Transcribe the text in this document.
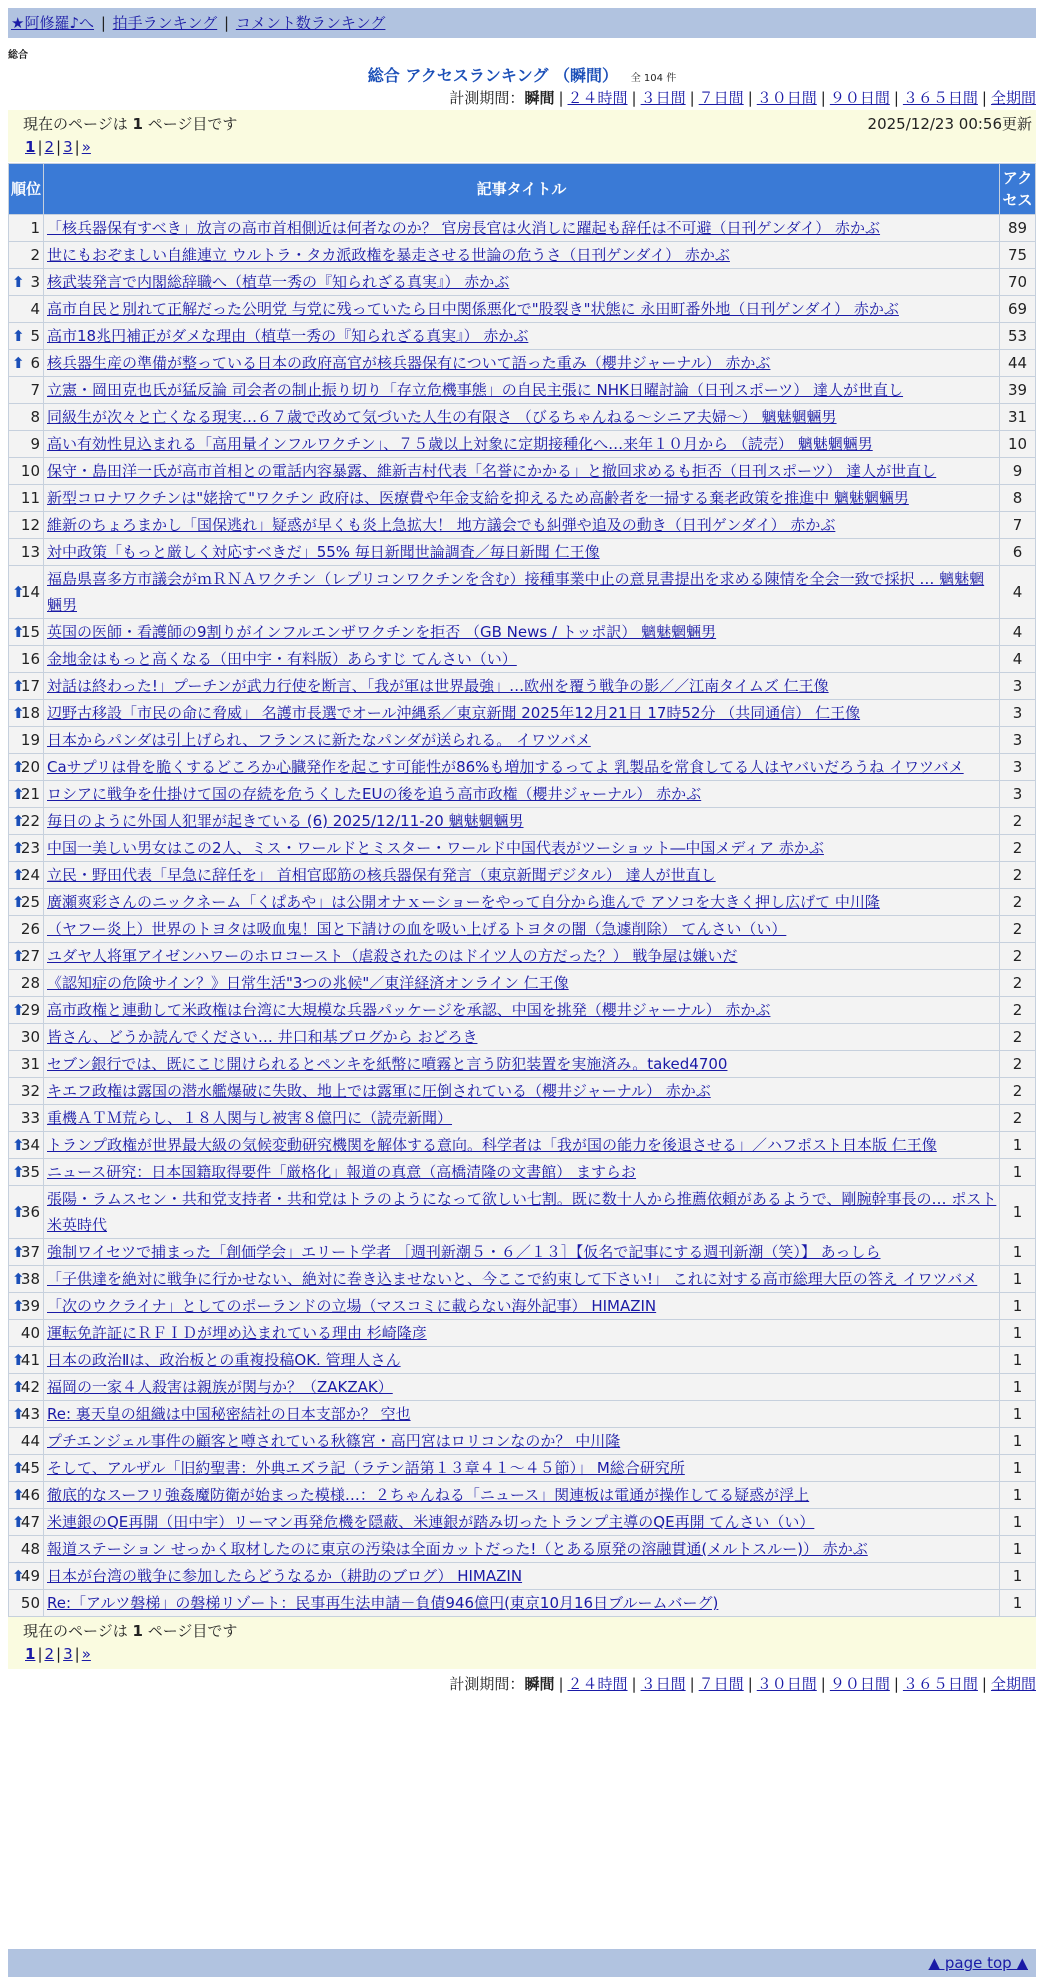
★阿修羅♪へ | 拍手ランキング | コメント数ランキング
総合
総合 アクセスランキング （瞬間） 全 104 件
計測期間：瞬間 | ２４時間 | ３日間 | ７日間 | ３０日間 | ９０日間 | ３６５日間 | 全期間
現在のページは 1 ページ目です	2025/12/23 00:56更新
1 | 2 | 3 | »
順位	記事タイトル	アクセス
1	「核兵器保有すべき」放言の高市首相側近は何者なのか？ 官房長官は火消しに躍起も辞任は不可避（日刊ゲンダイ） 赤かぶ	89
2	世にもおぞましい自維連立 ウルトラ・タカ派政権を暴走させる世論の危うさ（日刊ゲンダイ） 赤かぶ	75

⬆ 3	核武装発言で内閣総辞職へ（植草一秀の『知られざる真実』） 赤かぶ	70
4	高市自民と別れて正解だった公明党 与党に残っていたら日中関係悪化で"股裂き"状態に 永田町番外地（日刊ゲンダイ） 赤かぶ	69

⬆ 5	高市18兆円補正がダメな理由（植草一秀の『知られざる真実』） 赤かぶ	53

⬆ 6	核兵器生産の準備が整っている日本の政府高官が核兵器保有について語った重み（櫻井ジャーナル） 赤かぶ	44
7	立憲・岡田克也氏が猛反論 司会者の制止振り切り「存立危機事態」の自民主張に NHK日曜討論（日刊スポーツ） 達人が世直し	39
8	同級生が次々と亡くなる現実…６７歳で改めて気づいた人生の有限さ （びるちゃんねる～シニア夫婦～） 魑魅魍魎男	31
9	高い有効性見込まれる「高用量インフルワクチン」、７５歳以上対象に定期接種化へ…来年１０月から （読売） 魑魅魍魎男	10
10	保守・島田洋一氏が高市首相との電話内容暴露、維新吉村代表「名誉にかかる」と撤回求めるも拒否（日刊スポーツ） 達人が世直し	9
11	新型コロナワクチンは"姥捨て"ワクチン 政府は、医療費や年金支給を抑えるため高齢者を一掃する棄老政策を推進中 魑魅魍魎男	8
12	維新のちょろまかし「国保逃れ」疑惑が早くも炎上急拡大！ 地方議会でも糾弾や追及の動き（日刊ゲンダイ） 赤かぶ	7
13	対中政策「もっと厳しく対応すべきだ」55% 毎日新聞世論調査／毎日新聞 仁王像	6

⬆
14	福島県喜多方市議会がｍＲＮＡワクチン（レプリコンワクチンを含む）接種事業中止の意見書提出を求める陳情を全会一致で採択 … 魑魅魍魎男	4

⬆
15	英国の医師・看護師の9割りがインフルエンザワクチンを拒否 （GB News / トッポ訳） 魑魅魍魎男	4
16	金地金はもっと高くなる（田中宇・有料版）あらすじ てんさい（い）	4

⬆
17	対話は終わった!」プーチンが武力行使を断言、「我が軍は世界最強」…欧州を覆う戦争の影／／江南タイムズ 仁王像	3

⬆
18	辺野古移設「市民の命に脅威」 名護市長選でオール沖縄系／東京新聞 2025年12月21日 17時52分 （共同通信） 仁王像	3
19	日本からパンダは引上げられ、フランスに新たなパンダが送られる。 イワツバメ	3

⬆
20	Caサプリは骨を脆くするどころか心臓発作を起こす可能性が86%も増加するってよ 乳製品を常食してる人はヤバいだろうね イワツバメ	3

⬆
21	ロシアに戦争を仕掛けて国の存続を危うくしたEUの後を追う高市政権（櫻井ジャーナル） 赤かぶ	3

⬆
22	毎日のように外国人犯罪が起きている (6) 2025/12/11-20 魑魅魍魎男	2

⬆
23	中国一美しい男女はこの2人、ミス・ワールドとミスター・ワールド中国代表がツーショット―中国メディア 赤かぶ	2

⬆
24	立民・野田代表「早急に辞任を」 首相官邸筋の核兵器保有発言（東京新聞デジタル） 達人が世直し	2

⬆
25	廣瀬爽彩さんのニックネーム「くぱあや」は公開オナｘーショーをやって自分から進んで アソコを大きく押し広げて 中川隆	2
26	（ヤフー炎上）世界のトヨタは吸血鬼！国と下請けの血を吸い上げるトヨタの闇（急遽削除） てんさい（い）	2

⬆
27	ユダヤ人将軍アイゼンハワーのホロコースト（虐殺されたのはドイツ人の方だった？） 戦争屋は嫌いだ	2
28	《認知症の危険サイン？》日常生活"3つの兆候"／東洋経済オンライン 仁王像	2

⬆
29	高市政権と連動して米政権は台湾に大規模な兵器パッケージを承認、中国を挑発（櫻井ジャーナル） 赤かぶ	2
30	皆さん、どうか読んでください… 井口和基ブログから おどろき	2
31	セブン銀行では、既にこじ開けられるとペンキを紙幣に噴霧と言う防犯装置を実施済み。taked4700	2
32	キエフ政権は露国の潜水艦爆破に失敗、地上では露軍に圧倒されている（櫻井ジャーナル） 赤かぶ	2
33	重機ＡＴＭ荒らし、１８人関与し被害８億円に（読売新聞）	2

⬆
34	トランプ政権が世界最大級の気候変動研究機関を解体する意向。科学者は「我が国の能力を後退させる」／ハフポスト日本版 仁王像	1

⬆
35	ニュース研究：日本国籍取得要件「厳格化」報道の真意（高橋清隆の文書館） ますらお	1

⬆
36	張陽・ラムスセン・共和党支持者・共和党はトラのようになって欲しい七割。既に数十人から推薦依頼があるようで、剛腕幹事長の… ポスト米英時代	1

⬆
37	強制ワイセツで捕まった「創価学会」エリート学者 ［週刊新潮５・６／１３］【仮名で記事にする週刊新潮（笑）】 あっしら	1

⬆
38	「子供達を絶対に戦争に行かせない、絶対に巻き込ませないと、今ここで約束して下さい!」 これに対する高市総理大臣の答え イワツバメ	1

⬆
39	「次のウクライナ」としてのポーランドの立場（マスコミに載らない海外記事） HIMAZIN	1
40	運転免許証にＲＦＩＤが埋め込まれている理由 杉崎隆彦	1

⬆
41	日本の政治Ⅱは、政治板との重複投稿OK. 管理人さん	1

⬆
42	福岡の一家４人殺害は親族が関与か？（ZAKZAK）	1

⬆
43	Re: 裏天皇の組織は中国秘密結社の日本支部か？ 空也	1
44	プチエンジェル事件の顧客と噂されている秋篠宮・高円宮はロリコンなのか？ 中川隆	1

⬆
45	そして、アルザル「旧約聖書：外典エズラ記（ラテン語第１３章４１～４５節）」 M総合研究所	1

⬆
46	徹底的なスーフリ強姦魔防衛が始まった模様…：２ちゃんねる「ニュース」関連板は電通が操作してる疑惑が浮上	1

⬆
47	米連銀のQE再開（田中宇）リーマン再発危機を隠蔽、米連銀が踏み切ったトランプ主導のQE再開 てんさい（い）	1
48	報道ステーション せっかく取材したのに東京の汚染は全面カットだった!（とある原発の溶融貫通(メルトスルー)） 赤かぶ	1

⬆
49	日本が台湾の戦争に参加したらどうなるか（耕助のブログ） HIMAZIN	1
50	Re:「アルツ磐梯」の磐梯リゾート：民事再生法申請－負債946億円(東京10月16日ブルームバーグ)	1
現在のページは 1 ページ目です
1 | 2 | 3 | »
計測期間：瞬間 | ２４時間 | ３日間 | ７日間 | ３０日間 | ９０日間 | ３６５日間 | 全期間
▲ page top ▲
